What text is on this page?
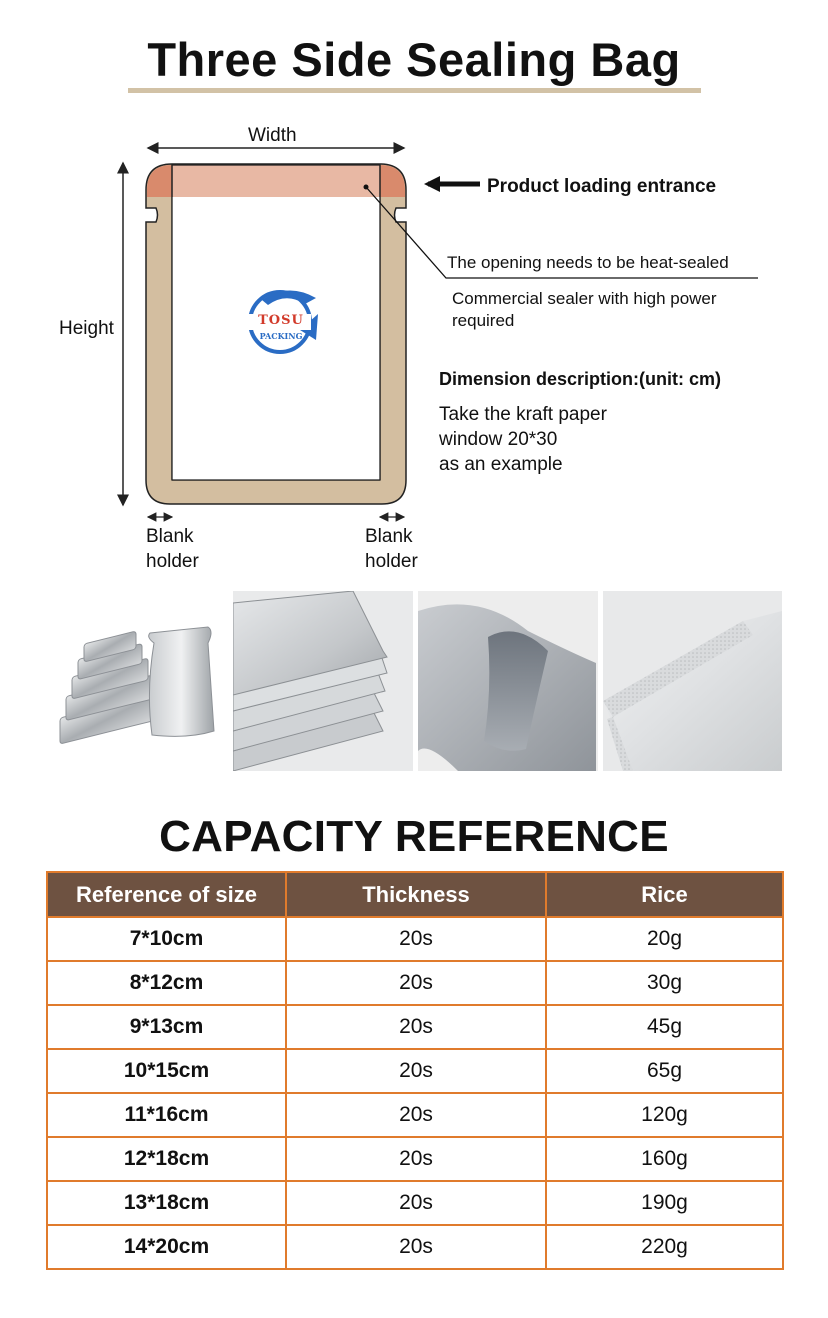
Three Side Sealing Bag
TOSU
PACKING
Width
Height
Product loading entrance
The opening needs to be heat-sealed
Commercial sealer with high power
required
Dimension description:(unit: cm)
Take the kraft paper
window 20*30
as an example
Blank
holder
Blank
holder
CAPACITY REFERENCE
Reference of size	Thickness	Rice
7*10cm	20s	20g
8*12cm	20s	30g
9*13cm	20s	45g
10*15cm	20s	65g
11*16cm	20s	120g
12*18cm	20s	160g
13*18cm	20s	190g
14*20cm	20s	220g
